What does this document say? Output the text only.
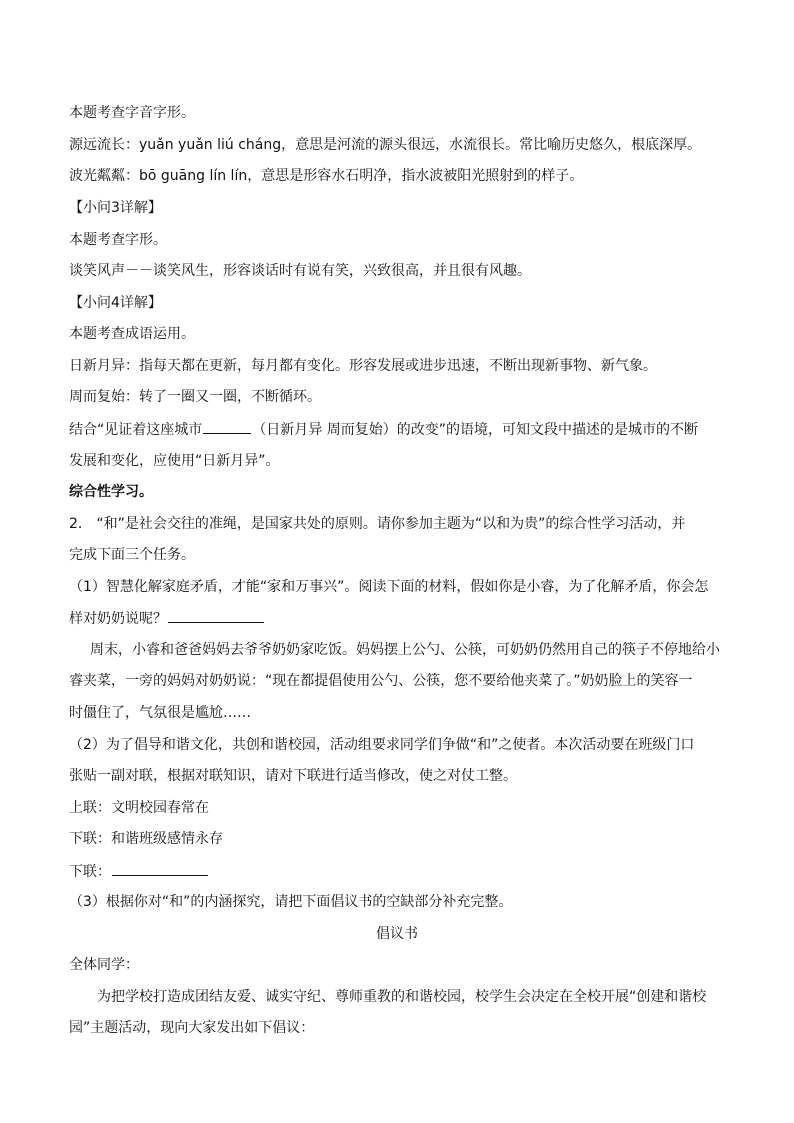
本题考查字音字形。
源远流长：yuǎn yuǎn liú cháng，意思是河流的源头很远，水流很长。常比喻历史悠久，根底深厚。
波光粼粼：bō guāng lín lín，意思是形容水石明净，指水波被阳光照射到的样子。
【小问3详解】
本题考查字形。
谈笑风声－－谈笑风生，形容谈话时有说有笑，兴致很高，并且很有风趣。
【小问4详解】
本题考查成语运用。
日新月异：指每天都在更新，每月都有变化。形容发展或进步迅速，不断出现新事物、新气象。
周而复始：转了一圈又一圈，不断循环。
结合“见证着这座城市	（日新月异 周而复始）的改变”的语境，可知文段中描述的是城市的不断
发展和变化，应使用“日新月异”。
综合性学习。
2． “和”是社会交往的准绳，是国家共处的原则。请你参加主题为“以和为贵”的综合性学习活动，并
完成下面三个任务。
（1）智慧化解家庭矛盾，才能“家和万事兴”。阅读下面的材料，假如你是小睿，为了化解矛盾，你会怎
样对奶奶说呢？
周末，小睿和爸爸妈妈去爷爷奶奶家吃饭。妈妈摆上公勺、公筷，可奶奶仍然用自己的筷子不停地给小
睿夹菜，一旁的妈妈对奶奶说：“现在都提倡使用公勺、公筷，您不要给他夹菜了。”奶奶脸上的笑容一
时僵住了，气氛很是尴尬……
（2）为了倡导和谐文化，共创和谐校园，活动组要求同学们争做“和”之使者。本次活动要在班级门口
张贴一副对联，根据对联知识，请对下联进行适当修改，使之对仗工整。
上联：文明校园春常在
下联：和谐班级感情永存
下联：
（3）根据你对“和”的内涵探究，请把下面倡议书的空缺部分补充完整。
倡议书
全体同学：
为把学校打造成团结友爱、诚实守纪、尊师重教的和谐校园，校学生会决定在全校开展“创建和谐校
园”主题活动，现向大家发出如下倡议：
